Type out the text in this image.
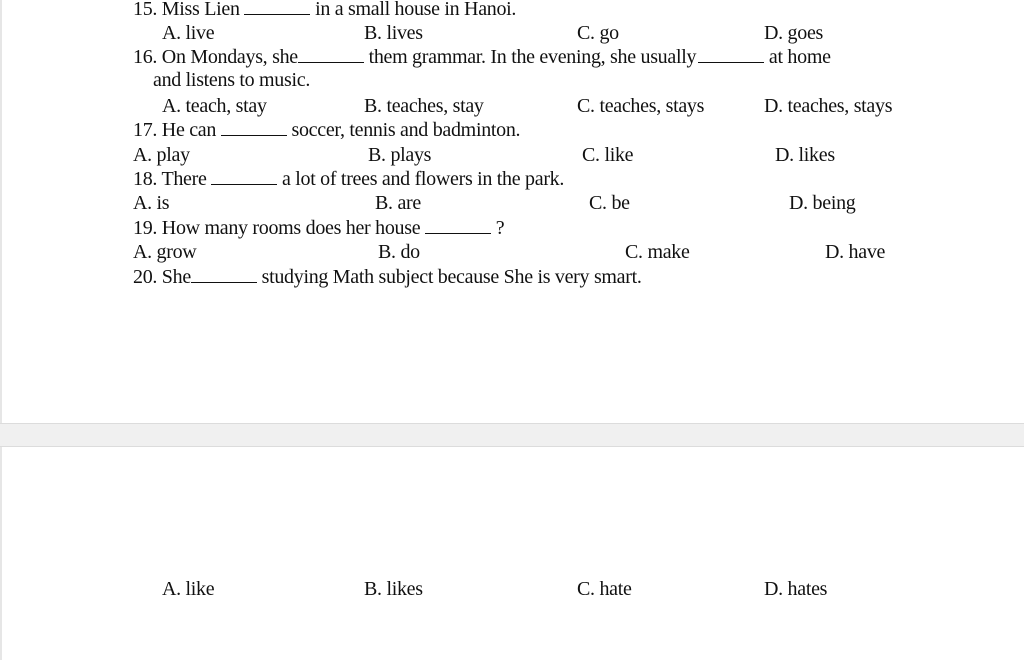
15. Miss Lien	in a small house in Hanoi.
A. live	B. lives	C. go	D. goes
16. On Mondays, she	them grammar. In the evening, she usually	at home
and listens to music.
A. teach, stay	B. teaches, stay	C. teaches, stays	D. teaches, stays
17. He can	soccer, tennis and badminton.
A. play	B. plays	C. like	D. likes
18. There	a lot of trees and flowers in the park.
A. is	B. are	C. be	D. being
19. How many rooms does her house	?
A. grow	B. do	C. make	D. have
20. She	studying Math subject because She is very smart.
A. like	B. likes	C. hate	D. hates
